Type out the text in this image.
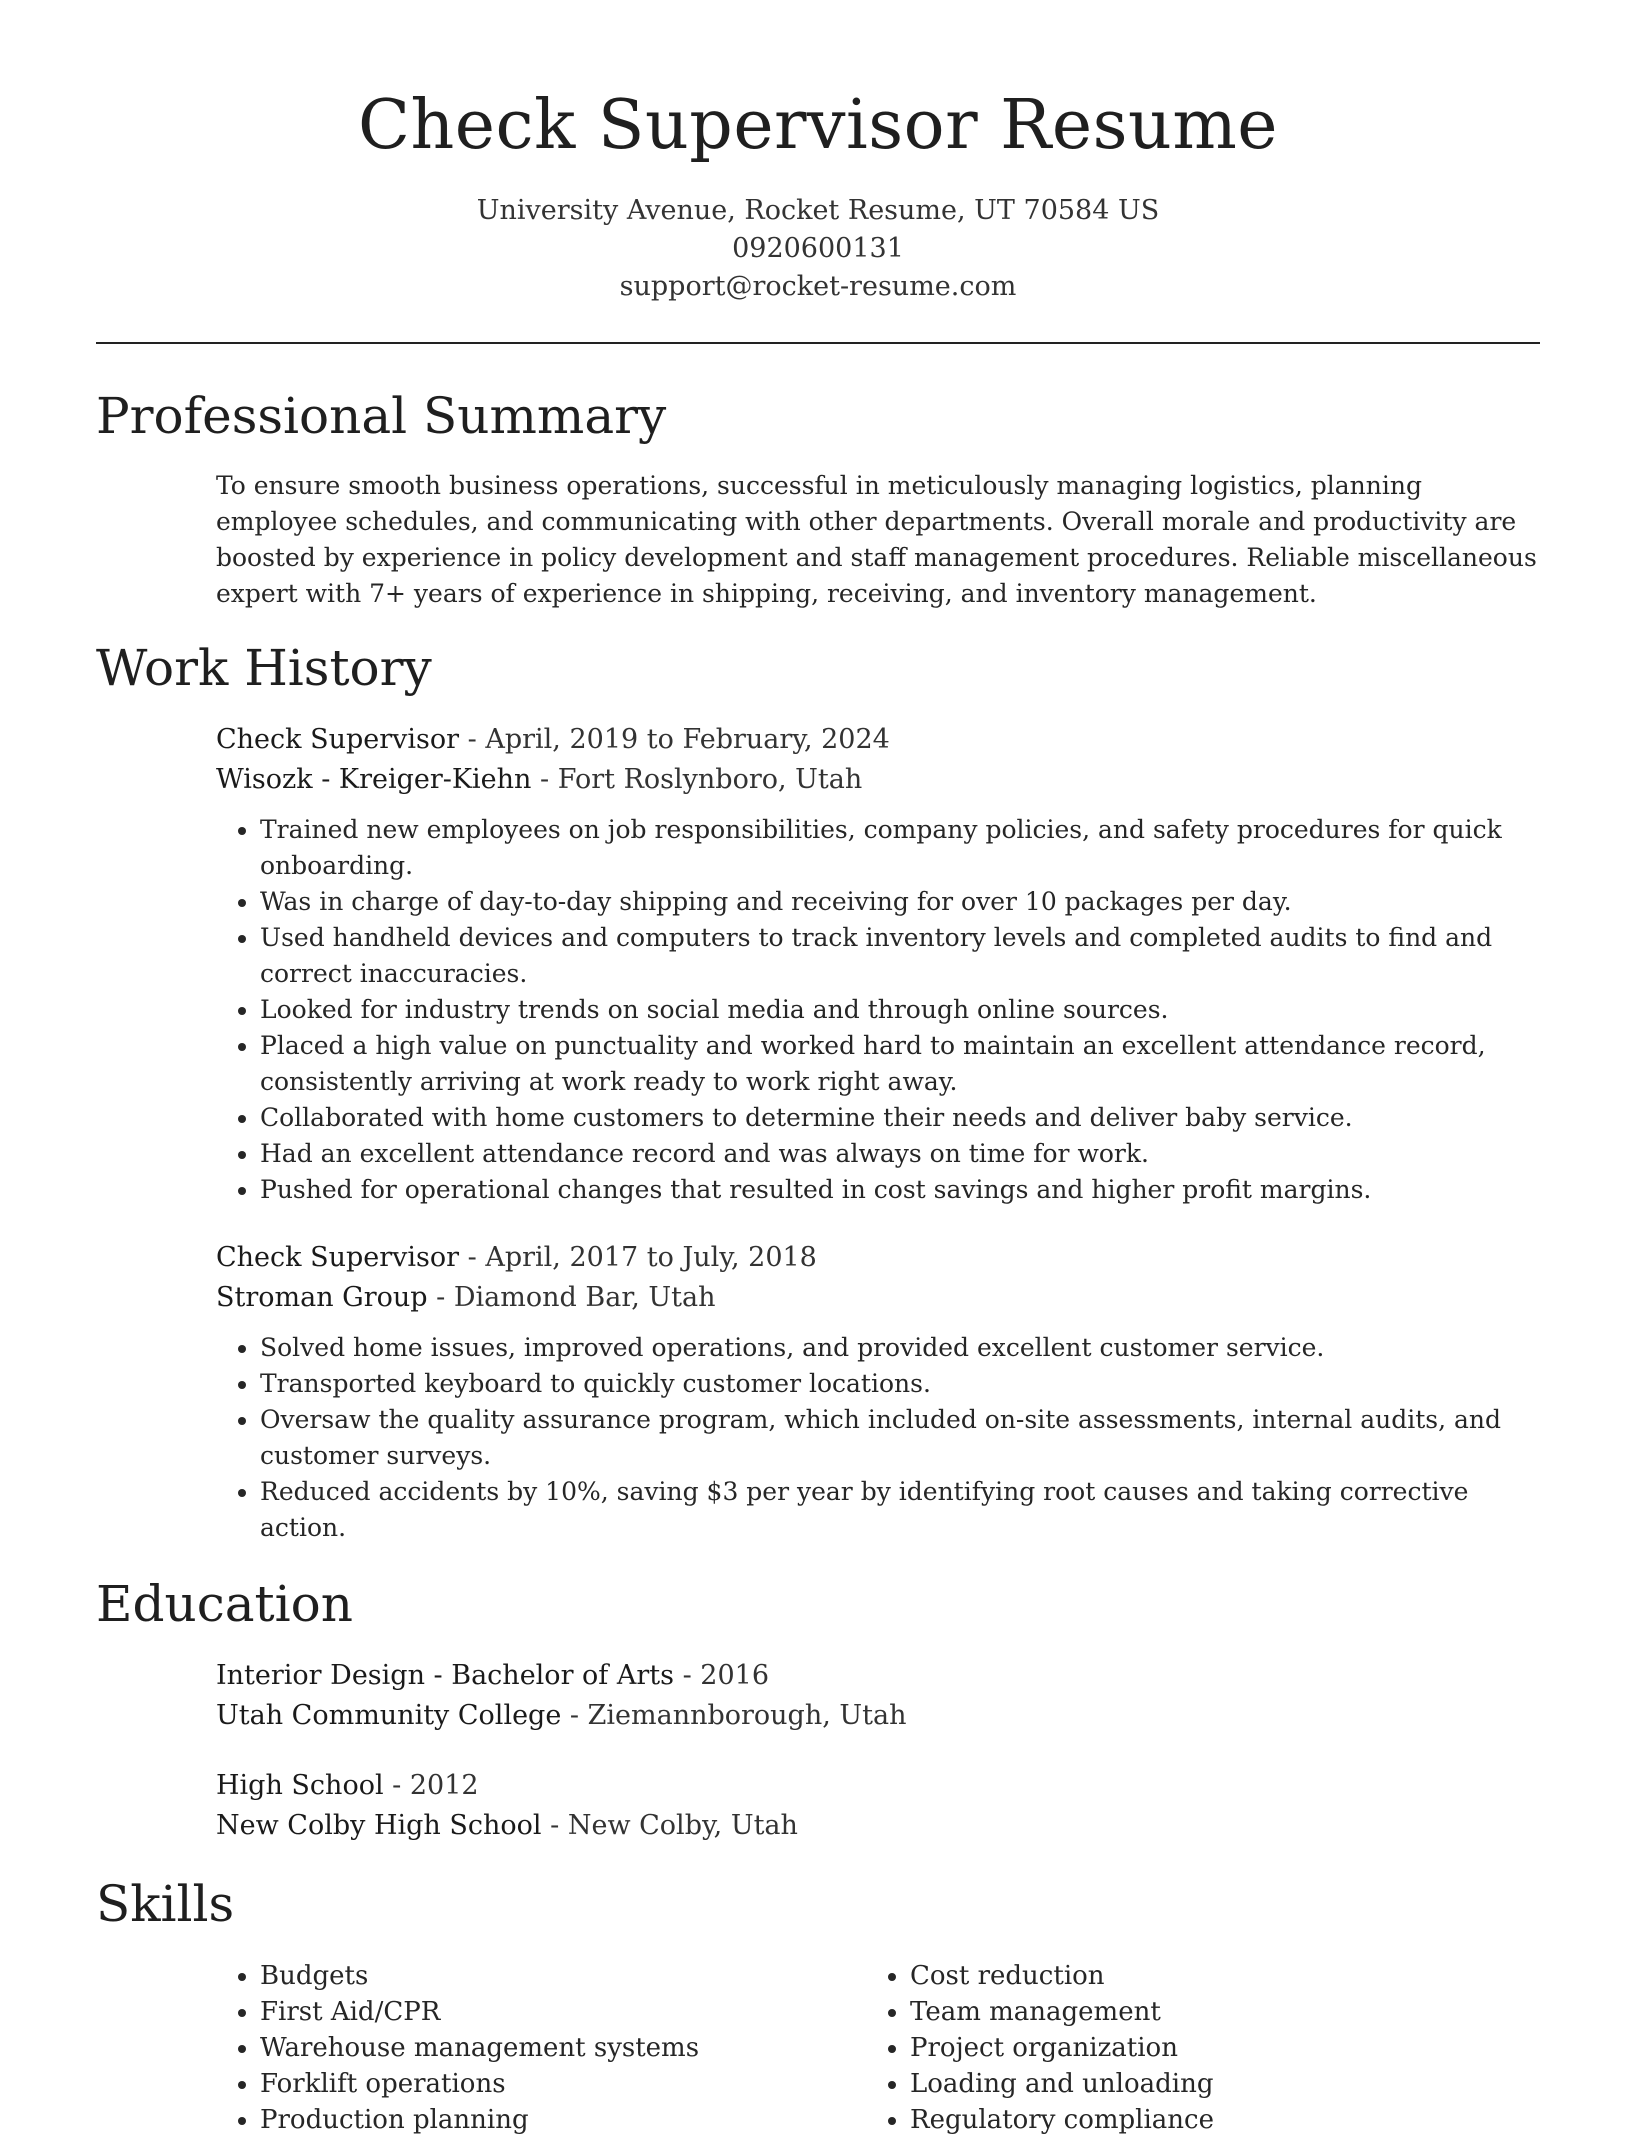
Check Supervisor Resume
University Avenue, Rocket Resume, UT 70584 US
0920600131
support@rocket-resume.com
Professional Summary

To ensure smooth business operations, successful in meticulously managing logistics, planning employee schedules, and communicating with other departments. Overall morale and productivity are boosted by experience in policy development and staff management procedures. Reliable miscellaneous expert with 7+ years of experience in shipping, receiving, and inventory management.

Work History
Check Supervisor - April, 2019 to February, 2024
Wisozk - Kreiger-Kiehn - Fort Roslynboro, Utah
• Trained new employees on job responsibilities, company policies, and safety procedures for quick onboarding.
• Was in charge of day-to-day shipping and receiving for over 10 packages per day.
• Used handheld devices and computers to track inventory levels and completed audits to find and correct inaccuracies.
• Looked for industry trends on social media and through online sources.
• Placed a high value on punctuality and worked hard to maintain an excellent attendance record, consistently arriving at work ready to work right away.
• Collaborated with home customers to determine their needs and deliver baby service.
• Had an excellent attendance record and was always on time for work.
• Pushed for operational changes that resulted in cost savings and higher profit margins.
Check Supervisor - April, 2017 to July, 2018
Stroman Group - Diamond Bar, Utah
• Solved home issues, improved operations, and provided excellent customer service.
• Transported keyboard to quickly customer locations.
• Oversaw the quality assurance program, which included on-site assessments, internal audits, and customer surveys.
• Reduced accidents by 10%, saving $3 per year by identifying root causes and taking corrective action.
Education
Interior Design - Bachelor of Arts - 2016
Utah Community College - Ziemannborough, Utah
High School - 2012
New Colby High School - New Colby, Utah
Skills
• Budgets
• First Aid/CPR
• Warehouse management systems
• Forklift operations
• Production planning
• Cost reduction
• Team management
• Project organization
• Loading and unloading
• Regulatory compliance
